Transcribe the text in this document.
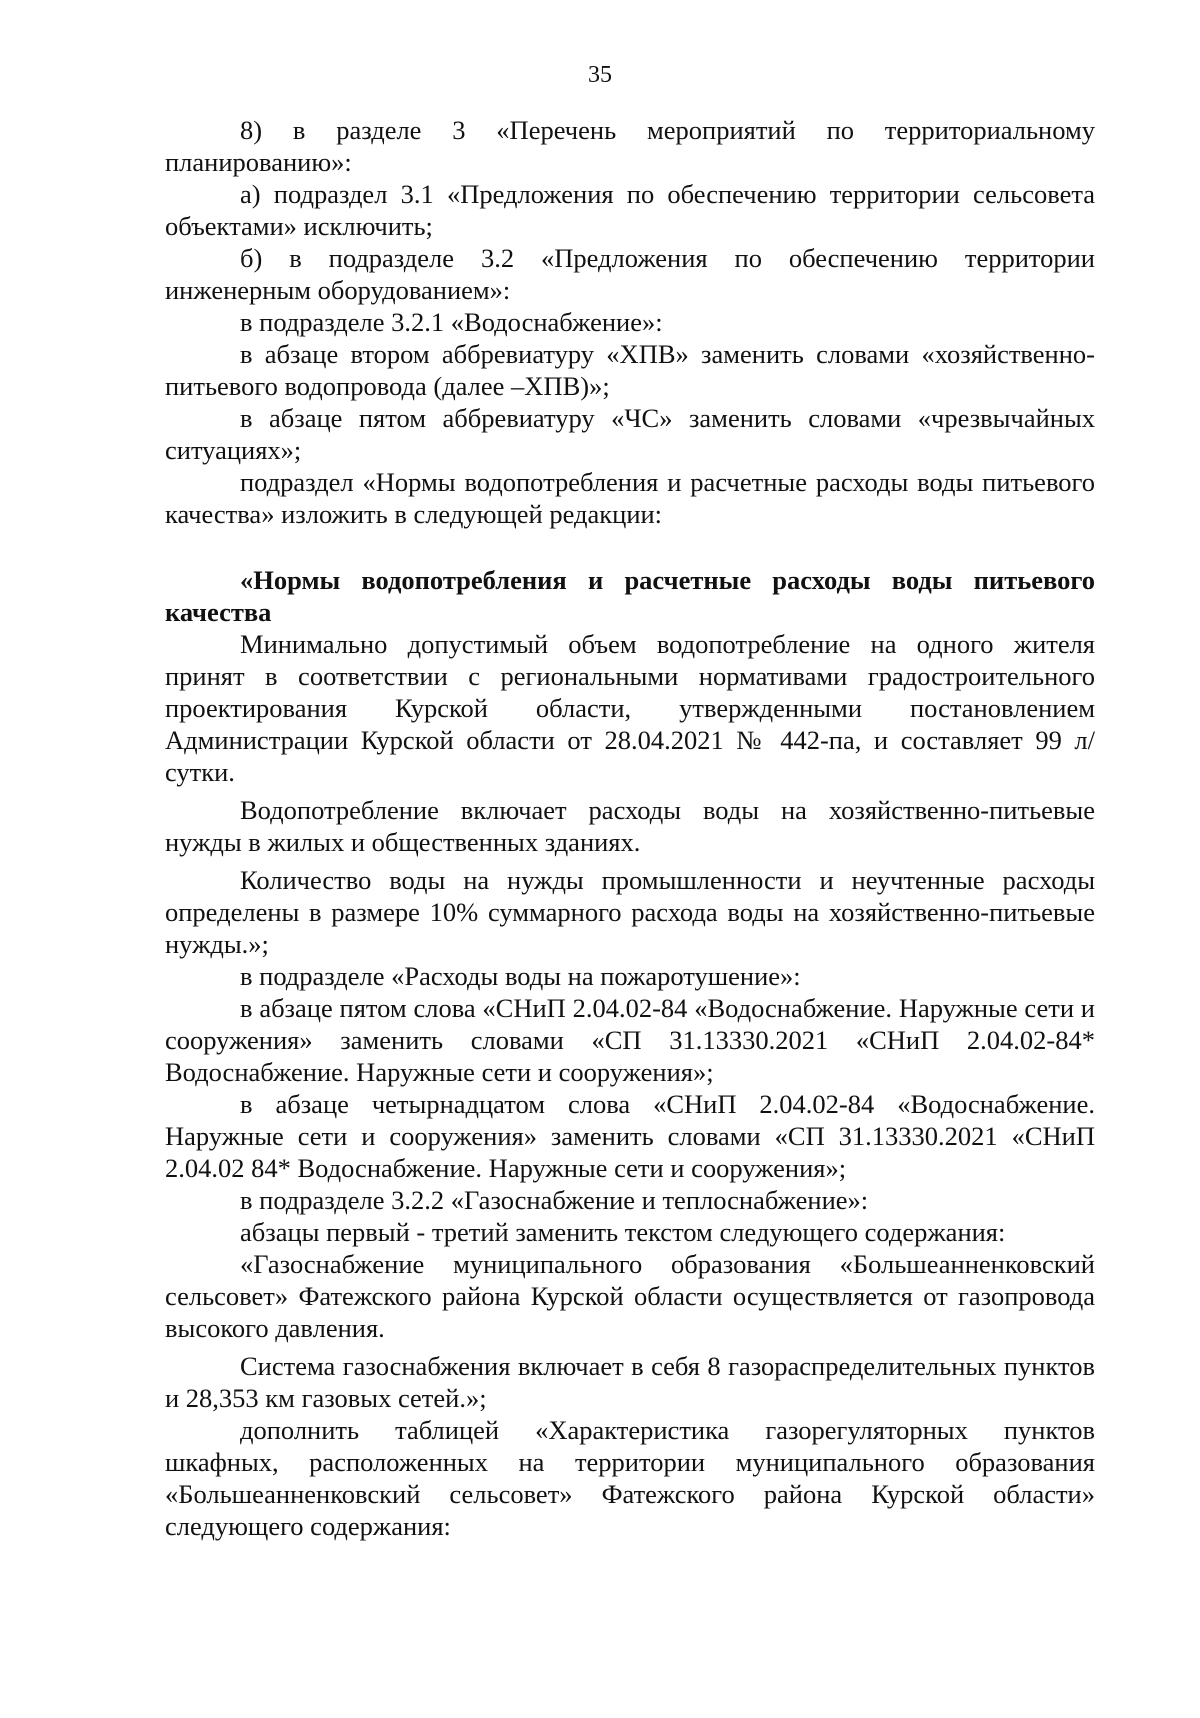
35

8) в разделе 3 «Перечень мероприятий по территориальному планированию»:

а) подраздел 3.1 «Предложения по обеспечению территории сельсовета объектами» исключить;

б) в подразделе 3.2 «Предложения по обеспечению территории инженерным оборудованием»:

в подразделе 3.2.1 «Водоснабжение»:

в абзаце втором аббревиатуру «ХПВ» заменить словами «хозяйственно-питьевого водопровода (далее –ХПВ)»;

в абзаце пятом аббревиатуру «ЧС» заменить словами «чрезвычайных ситуациях»;

подраздел «Нормы водопотребления и расчетные расходы воды питьевого качества» изложить в следующей редакции:

«Нормы водопотребления и расчетные расходы воды питьевого качества

Минимально допустимый объем водопотребление на одного жителя принят в соответствии с региональными нормативами градостроительного проектирования Курской области, утвержденными постановлением Администрации Курской области от 28.04.2021 № 442-па, и составляет 99 л/сутки.

Водопотребление включает расходы воды на хозяйственно-питьевые нужды в жилых и общественных зданиях.

Количество воды на нужды промышленности и неучтенные расходы определены в размере 10% суммарного расхода воды на хозяйственно-питьевые нужды.»;

в подразделе «Расходы воды на пожаротушение»:

в абзаце пятом слова «СНиП 2.04.02-84 «Водоснабжение. Наружные сети и сооружения» заменить словами «СП 31.13330.2021 «СНиП 2.04.02-84* Водоснабжение. Наружные сети и сооружения»;

в абзаце четырнадцатом слова «СНиП 2.04.02-84 «Водоснабжение. Наружные сети и сооружения» заменить словами «СП 31.13330.2021 «СНиП 2.04.02 84* Водоснабжение. Наружные сети и сооружения»;

в подразделе 3.2.2 «Газоснабжение и теплоснабжение»:

абзацы первый - третий заменить текстом следующего содержания:

«Газоснабжение муниципального образования «Большеанненковский сельсовет» Фатежского района Курской области осуществляется от газопровода высокого давления.

Система газоснабжения включает в себя 8 газораспределительных пунктов и 28,353 км газовых сетей.»;

дополнить таблицей «Характеристика газорегуляторных пунктов шкафных, расположенных на территории муниципального образования «Большеанненковский сельсовет» Фатежского района Курской области» следующего содержания:
